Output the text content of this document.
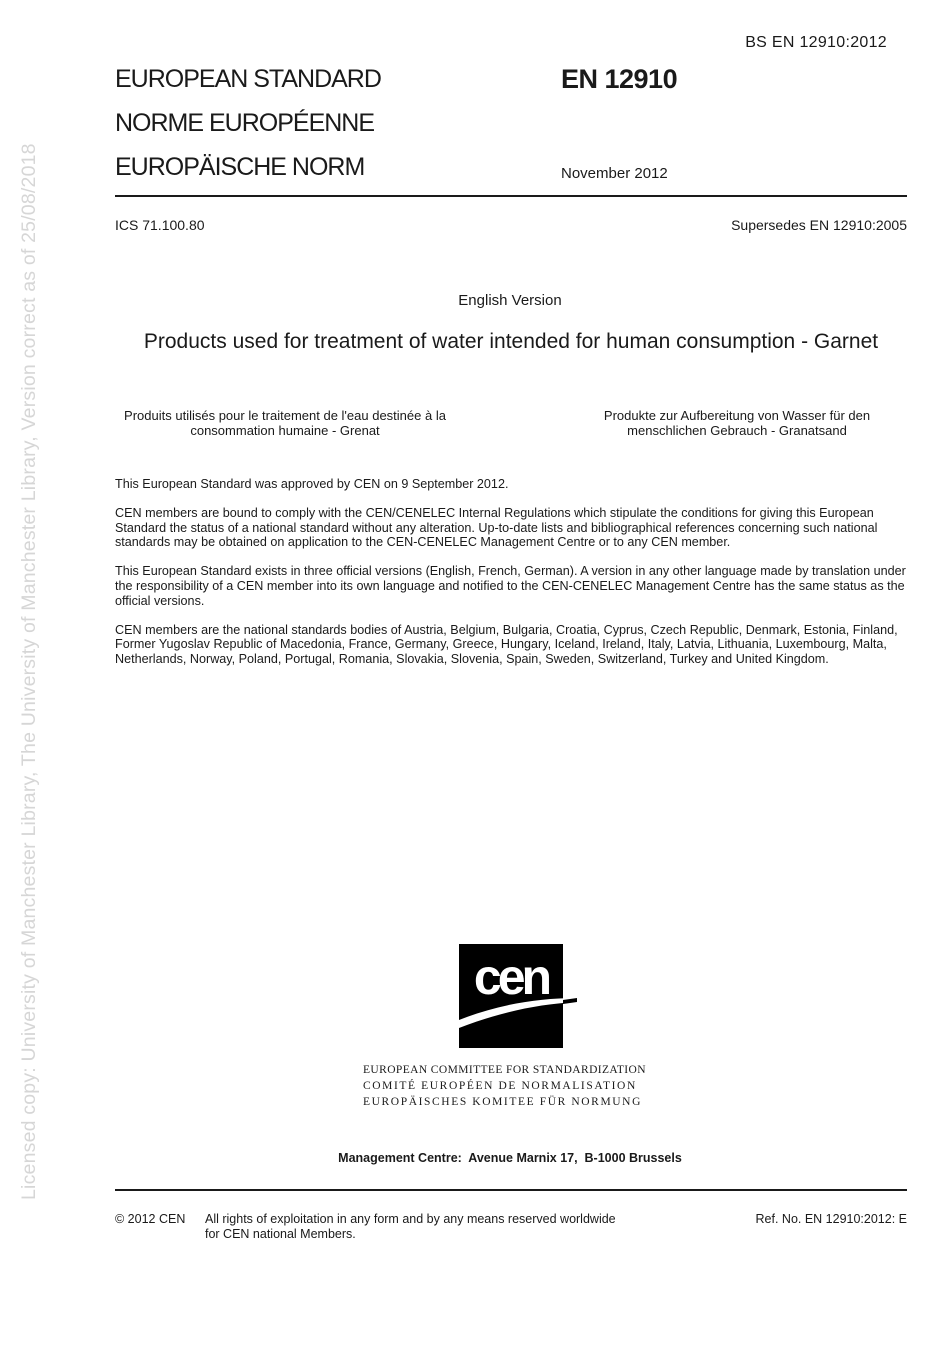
BS EN 12910:2012
EUROPEAN STANDARD
NORME EUROPÉENNE
EUROPÄISCHE NORM
EN 12910
November 2012
ICS 71.100.80	Supersedes EN 12910:2005
English Version
Products used for treatment of water intended for human consumption - Garnet
Produits utilisés pour le traitement de l'eau destinée à la consommation humaine - Grenat
Produkte zur Aufbereitung von Wasser für den menschlichen Gebrauch - Granatsand

This European Standard was approved by CEN on 9 September 2012.

CEN members are bound to comply with the CEN/CENELEC Internal Regulations which stipulate the conditions for giving this European Standard the status of a national standard without any alteration. Up-to-date lists and bibliographical references concerning such national standards may be obtained on application to the CEN-CENELEC Management Centre or to any CEN member.

This European Standard exists in three official versions (English, French, German). A version in any other language made by translation under the responsibility of a CEN member into its own language and notified to the CEN-CENELEC Management Centre has the same status as the official versions.

CEN members are the national standards bodies of Austria, Belgium, Bulgaria, Croatia, Cyprus, Czech Republic, Denmark, Estonia, Finland, Former Yugoslav Republic of Macedonia, France, Germany, Greece, Hungary, Iceland, Ireland, Italy, Latvia, Lithuania, Luxembourg, Malta, Netherlands, Norway, Poland, Portugal, Romania, Slovakia, Slovenia, Spain, Sweden, Switzerland, Turkey and United Kingdom.

cen
EUROPEAN COMMITTEE FOR STANDARDIZATION
COMITÉ EUROPÉEN DE NORMALISATION
EUROPÄISCHES KOMITEE FÜR NORMUNG
Management Centre:  Avenue Marnix 17,  B-1000 Brussels
© 2012 CEN All rights of exploitation in any form and by any means reserved worldwide for CEN national Members.
Ref. No. EN 12910:2012: E
Licensed copy: University of Manchester Library, The University of Manchester Library, Version correct as of 25/08/2018
